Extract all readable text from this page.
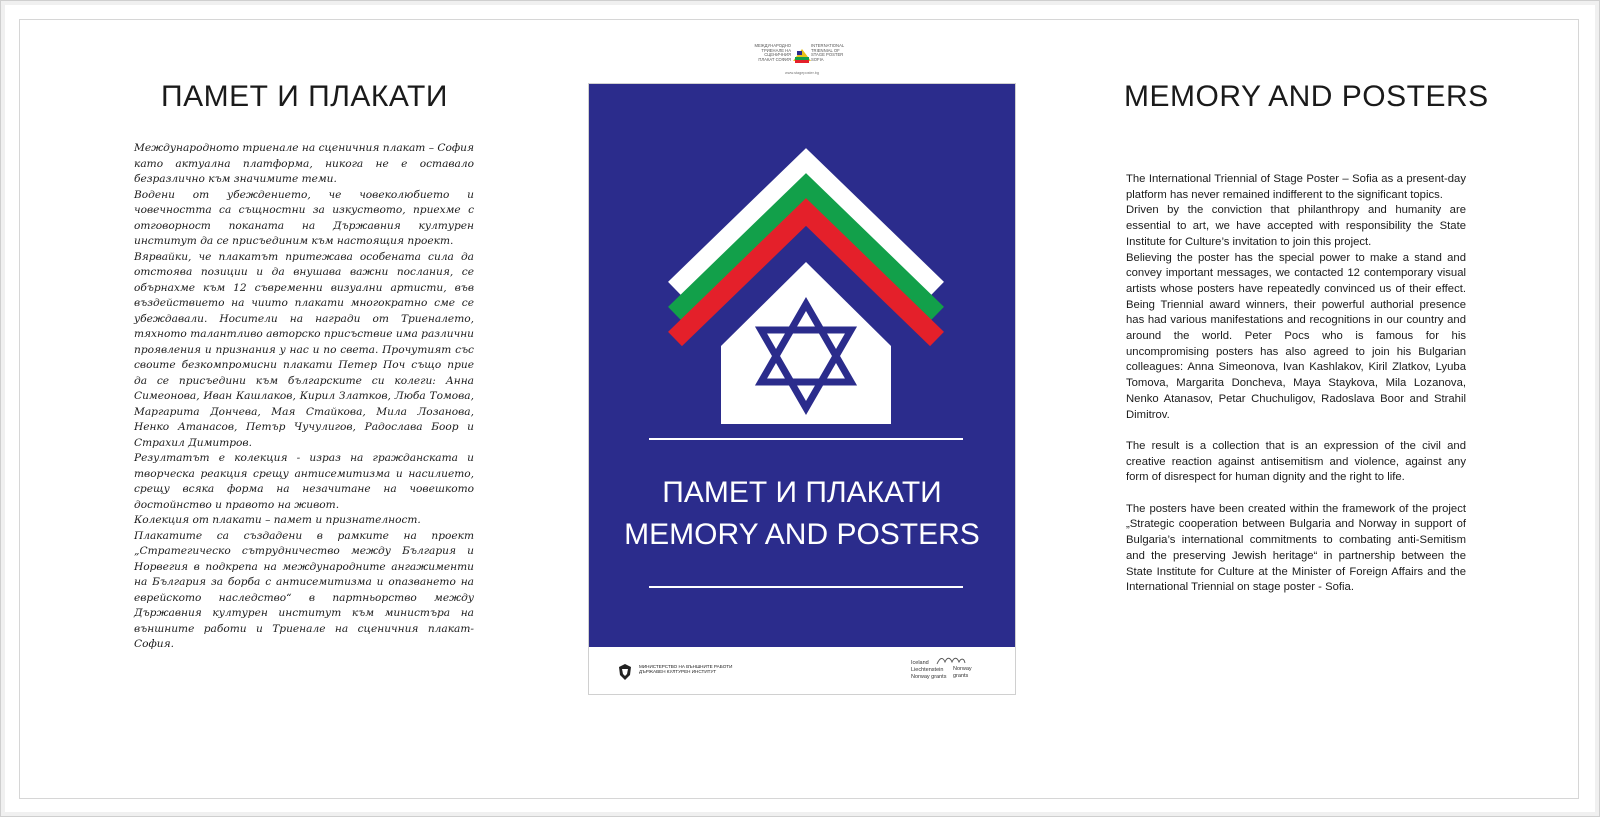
ПАМЕТ И ПЛАКАТИ

Международното триенале на сценичния плакат – София като актуална платформа, никога не е оставало безразлично към значимите теми.

Водени от убеждението, че човеколюбието и човечността са същностни за изкуството, приехме с отговорност поканата на Държавния културен институт да се присъединим към настоящия проект.

Вярвайки, че плакатът притежава особената сила да отстоява позиции и да внушава важни послания, се обърнахме към 12 съвременни визуални артисти, във въздействието на чиито плакати многократно сме се убеждавали. Носители на награди от Триеналето, тяхното талантливо авторско присъствие има различни проявления и признания у нас и по света. Прочутият със своите безкомпромисни плакати Петер Поч също прие да се присъедини към българските си колеги: Анна Симеонова, Иван Кашлаков, Кирил Златков, Люба Томова, Маргарита Дончева, Мая Стайкова, Мила Лозанова, Ненко Атанасов, Петър Чучулигов, Радослава Боор и Страхил Димитров.

Резултатът е колекция - израз на гражданската и творческа реакция срещу антисемитизма и насилието, срещу всяка форма на незачитане на човешкото достойнство и правото на живот.

Колекция от плакати – памет и признателност.

Плакатите са създадени в рамките на проект „Стратегическо сътрудничество между България и Норвегия в подкрепа на международните ангажименти на България за борба с антисемитизма и опазването на еврейското наследство“ в партньорство между Държавния културен институт към министъра на външните работи и Триенале на сценичния плакат-София.

MEMORY AND POSTERS

The International Triennial of Stage Poster – Sofia as a present-day platform has never remained indifferent to the significant topics.

Driven by the conviction that philanthropy and humanity are essential to art, we have accepted with responsibility the State Institute for Culture’s invitation to join this project.

Believing the poster has the special power to make a stand and convey important messages, we contacted 12 contemporary visual artists whose posters have repeatedly convinced us of their effect. Being Triennial award winners, their powerful authorial presence has had various manifestations and recognitions in our country and around the world. Peter Pocs who is famous for his uncompromising posters has also agreed to join his Bulgarian colleagues: Anna Simeonova, Ivan Kashlakov, Kiril Zlatkov, Lyuba Tomova, Margarita Doncheva, Maya Staykova, Mila Lozanova, Nenko Atanasov, Petar Chuchuligov, Radoslava Boor and Strahil Dimitrov.

The result is a collection that is an expression of the civil and creative reaction against antisemitism and violence, against any form of disrespect for human dignity and the right to life.

The posters have been created within the framework of the project „Strategic cooperation between Bulgaria and Norway in support of Bulgaria’s international commitments to combating anti-Semitism and the preserving Jewish heritage“ in partnership between the State Institute for Culture at the Minister of Foreign Affairs and the International Triennial on stage poster - Sofia.

МЕЖДУНАРОДНО ТРИЕНАЛЕ НА СЦЕНИЧНИЯ ПЛАКАТ СОФИЯ
INTERNATIONAL TRIENNIAL OF STAGE POSTER SOFIA
www.stageposter.bg
ПАМЕТ И ПЛАКАТИ
MEMORY AND POSTERS
МИНИСТЕРСТВО НА ВЪНШНИТЕ РАБОТИ ДЪРЖАВЕН КУЛТУРЕН ИНСТИТУТ
Iceland Liechtenstein Norway grants
Norway grants
